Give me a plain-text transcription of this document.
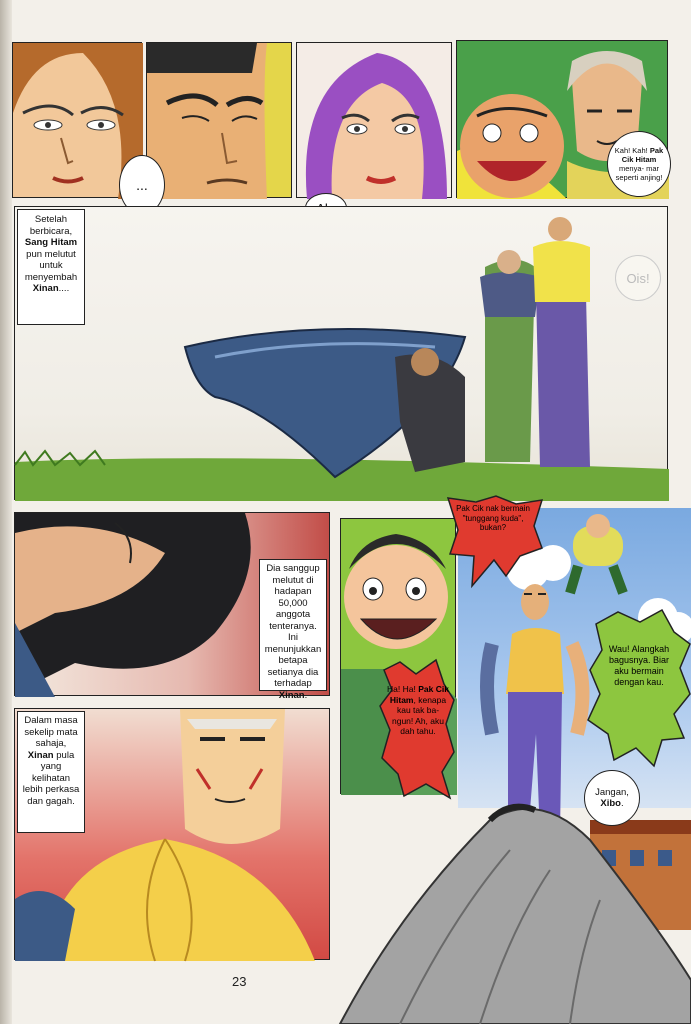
...
Kah! Kah! Pak Cik Hitam menya- mar seperti anjing!
Setelah berbicara, Sang Hitam pun melutut untuk menyembah Xinan....
Ois!
Dia sanggup melutut di hadapan 50,000 anggota tenteranya. Ini menunjukkan betapa setianya dia terhadap Xinan.
Dalam masa sekelip mata sahaja, Xinan pula yang kelihatan lebih perkasa dan gagah.
Pak Cik nak bermain "tunggang kuda", bukan?
Ha! Ha! Pak Cik Hitam, kenapa kau tak ba- ngun! Ah, aku dah tahu.
Wau! Alangkah bagusnya. Biar aku bermain dengan kau.
Jangan, Xibo.
23
